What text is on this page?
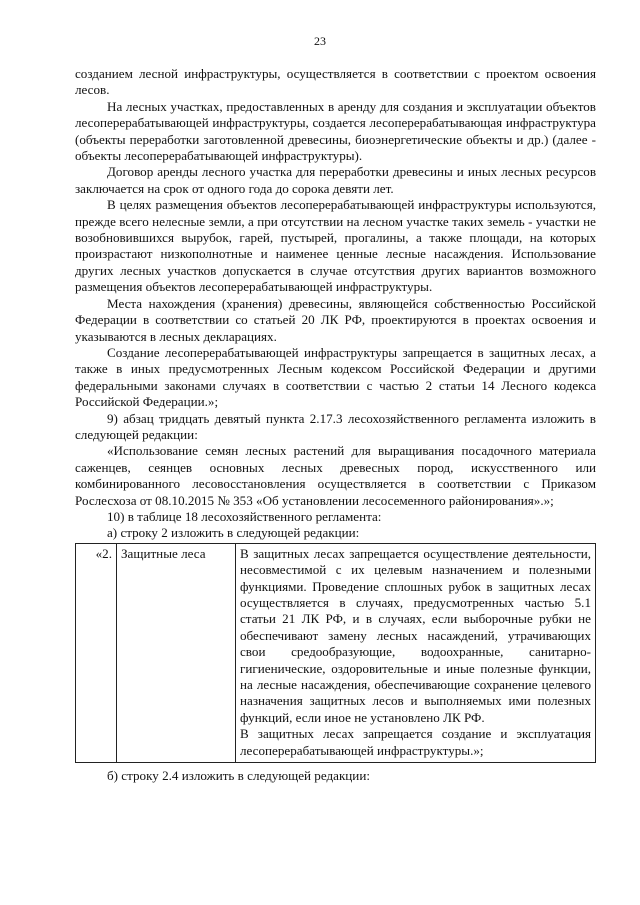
23

созданием лесной инфраструктуры, осуществляется в соответствии с проектом освоения лесов.

На лесных участках, предоставленных в аренду для создания и эксплуатации объектов лесоперерабатывающей инфраструктуры, создается лесоперерабатывающая инфраструктура (объекты переработки заготовленной древесины, биоэнергетические объекты и др.) (далее - объекты лесоперерабатывающей инфраструктуры).

Договор аренды лесного участка для переработки древесины и иных лесных ресурсов заключается на срок от одного года до сорока девяти лет.

В целях размещения объектов лесоперерабатывающей инфраструктуры используются, прежде всего нелесные земли, а при отсутствии на лесном участке таких земель - участки не возобновившихся вырубок, гарей, пустырей, прогалины, а также площади, на которых произрастают низкополнотные и наименее ценные лесные насаждения. Использование других лесных участков допускается в случае отсутствия других вариантов возможного размещения объектов лесоперерабатывающей инфраструктуры.

Места нахождения (хранения) древесины, являющейся собственностью Российской Федерации в соответствии со статьей 20 ЛК РФ, проектируются в проектах освоения и указываются в лесных декларациях.

Создание лесоперерабатывающей инфраструктуры запрещается в защитных лесах, а также в иных предусмотренных Лесным кодексом Российской Федерации и другими федеральными законами случаях в соответствии с частью 2 статьи 14 Лесного кодекса Российской Федерации.»;

9) абзац тридцать девятый пункта 2.17.3 лесохозяйственного регламента изложить в следующей редакции:

«Использование семян лесных растений для выращивания посадочного материала саженцев, сеянцев основных лесных древесных пород, искусственного или комбинированного лесовосстановления осуществляется в соответствии с Приказом Рослесхоза от 08.10.2015 № 353 «Об установлении лесосеменного районирования».»;

10) в таблице 18 лесохозяйственного регламента:

а) строку 2 изложить в следующей редакции:

«2.	Защитные леса	В защитных лесах запрещается осуществление деятельности, несовместимой с их целевым назначением и полезными функциями. Проведение сплошных рубок в защитных лесах осуществляется в случаях, предусмотренных частью 5.1 статьи 21 ЛК РФ, и в случаях, если выборочные рубки не обеспечивают замену лесных насаждений, утрачивающих свои средообразующие, водоохранные, санитарно-гигиенические, оздоровительные и иные полезные функции, на лесные насаждения, обеспечивающие сохранение целевого назначения защитных лесов и выполняемых ими полезных функций, если иное не установлено ЛК РФ.

В защитных лесах запрещается создание и эксплуатация лесоперерабатывающей инфраструктуры.»;

б) строку 2.4 изложить в следующей редакции:
